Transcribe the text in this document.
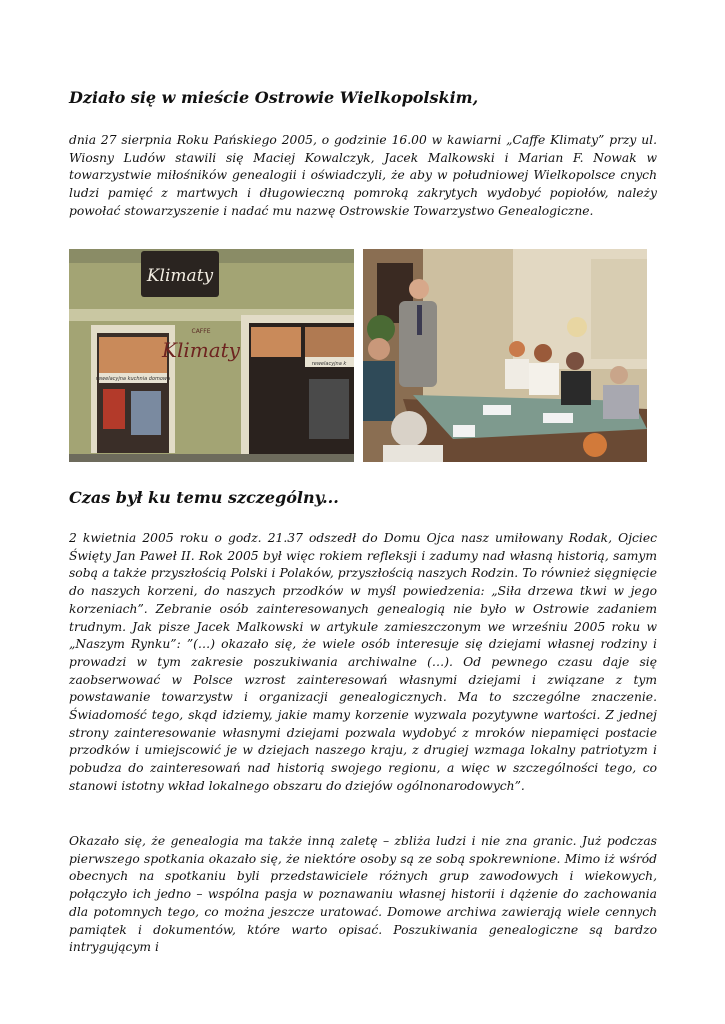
Działo się w mieście Ostrowie Wielkopolskim,

dnia 27 sierpnia Roku Pańskiego 2005, o godzinie 16.00 w kawiarni „Caffe Klimaty” przy ul. Wiosny Ludów stawili się Maciej Kowalczyk, Jacek Malkowski i Marian F. Nowak w towarzystwie miłośników genealogii i oświadczyli, że aby w południowej Wielkopolsce cnych ludzi pamięć z martwych i długowieczną pomroką zakrytych wydobyć popiołów, należy powołać stowarzyszenie i nadać mu nazwę Ostrowskie Towarzystwo Genealogiczne.

Klimaty
rewelacyjna kuchnia domowa
CAFFE
Klimaty
rewelacyjna k
Czas był ku temu szczególny...

2 kwietnia 2005 roku o godz. 21.37 odszedł do Domu Ojca nasz umiłowany Rodak, Ojciec Święty Jan Paweł II. Rok 2005 był więc rokiem refleksji i zadumy nad własną historią, samym sobą a także przyszłością Polski i Polaków, przyszłością naszych Rodzin. To również sięgnięcie do naszych korzeni, do naszych przodków w myśl powiedzenia: „Siła drzewa tkwi w jego korzeniach”. Zebranie osób zainteresowanych genealogią nie było w Ostrowie zadaniem trudnym. Jak pisze Jacek Malkowski w artykule zamieszczonym we wrześniu 2005 roku w „Naszym Rynku”: ”(…) okazało się, że wiele osób interesuje się dziejami własnej rodziny i prowadzi w tym zakresie poszukiwania archiwalne (…). Od pewnego czasu daje się zaobserwować w Polsce wzrost zainteresowań własnymi dziejami i związane z tym powstawanie towarzystw i organizacji genealogicznych. Ma to szczególne znaczenie. Świadomość tego, skąd idziemy, jakie mamy korzenie wyzwala pozytywne wartości. Z jednej strony zainteresowanie własnymi dziejami pozwala wydobyć z mroków niepamięci postacie przodków i umiejscowić je w dziejach naszego kraju, z drugiej wzmaga lokalny patriotyzm i pobudza do zainteresowań nad historią swojego regionu, a więc w szczególności tego, co stanowi istotny wkład lokalnego obszaru do dziejów ogólnonarodowych”.

Okazało się, że genealogia ma także inną zaletę – zbliża ludzi i nie zna granic. Już podczas pierwszego spotkania okazało się, że niektóre osoby są ze sobą spokrewnione. Mimo iż wśród obecnych na spotkaniu byli przedstawiciele różnych grup zawodowych i wiekowych, połączyło ich jedno – wspólna pasja w poznawaniu własnej historii i dążenie do zachowania dla potomnych tego, co można jeszcze uratować. Domowe archiwa zawierają wiele cennych pamiątek i dokumentów, które warto opisać. Poszukiwania genealogiczne są bardzo intrygującym i
